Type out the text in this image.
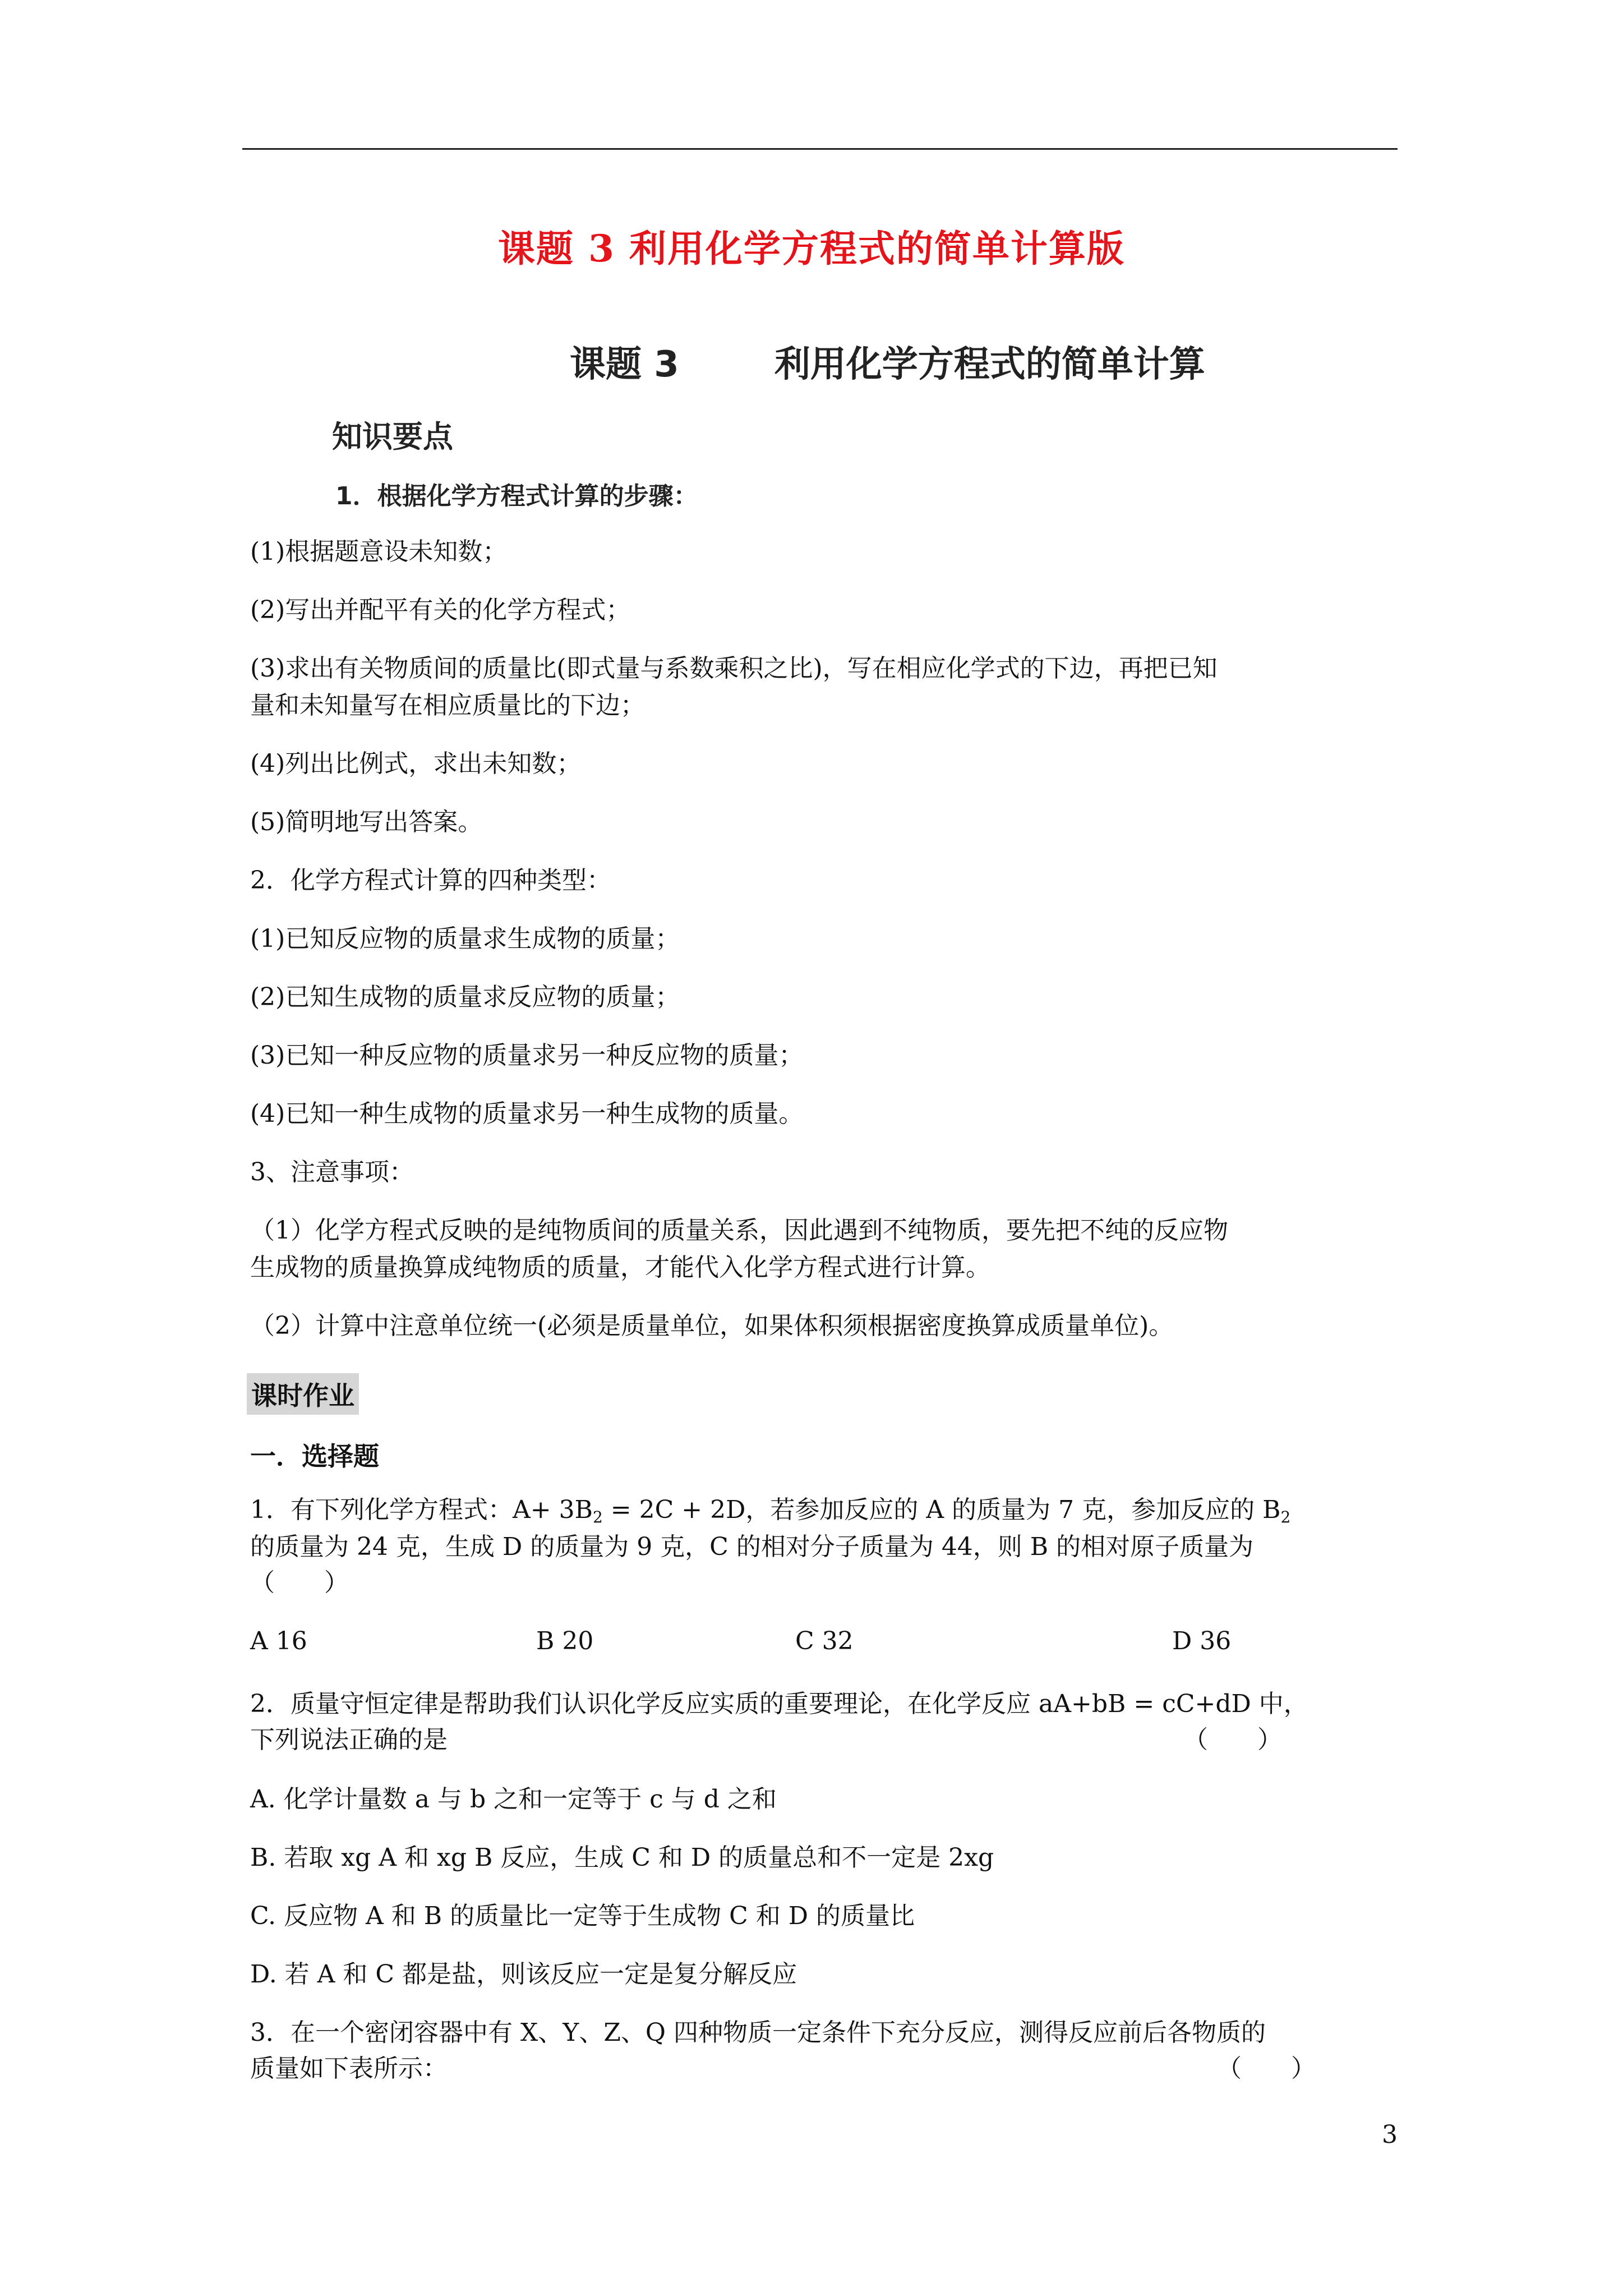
课题 3 利用化学方程式的简单计算版
课题 3	利用化学方程式的简单计算
知识要点
1．根据化学方程式计算的步骤：
(1)根据题意设未知数；
(2)写出并配平有关的化学方程式；
(3)求出有关物质间的质量比(即式量与系数乘积之比)，写在相应化学式的下边，再把已知
量和未知量写在相应质量比的下边；
(4)列出比例式，求出未知数；
(5)简明地写出答案。
2．化学方程式计算的四种类型：
(1)已知反应物的质量求生成物的质量；
(2)已知生成物的质量求反应物的质量；
(3)已知一种反应物的质量求另一种反应物的质量；
(4)已知一种生成物的质量求另一种生成物的质量。
3、注意事项：
（1）化学方程式反映的是纯物质间的质量关系，因此遇到不纯物质，要先把不纯的反应物
生成物的质量换算成纯物质的质量，才能代入化学方程式进行计算。
（2）计算中注意单位统一(必须是质量单位，如果体积须根据密度换算成质量单位)。
课时作业
一．选择题
1．有下列化学方程式：$A+ 3B_2 = 2C + 2D$，若参加反应的 A 的质量为 7 克，参加反应的 $B_2$
的质量为 24 克，生成 D 的质量为 9 克，C 的相对分子质量为 44，则 B 的相对原子质量为
（　　）
A 16	B 20	C 32	D 36
2．质量守恒定律是帮助我们认识化学反应实质的重要理论，在化学反应 aA+bB = cC+dD 中，
下列说法正确的是	（　　）
A. 化学计量数 a 与 b 之和一定等于 c 与 d 之和
B. 若取 xg A 和 xg B 反应，生成 C 和 D 的质量总和不一定是 2xg
C. 反应物 A 和 B 的质量比一定等于生成物 C 和 D 的质量比
D. 若 A 和 C 都是盐，则该反应一定是复分解反应
3．在一个密闭容器中有 X、Y、Z、Q 四种物质一定条件下充分反应，测得反应前后各物质的
质量如下表所示：	（　　）
3
